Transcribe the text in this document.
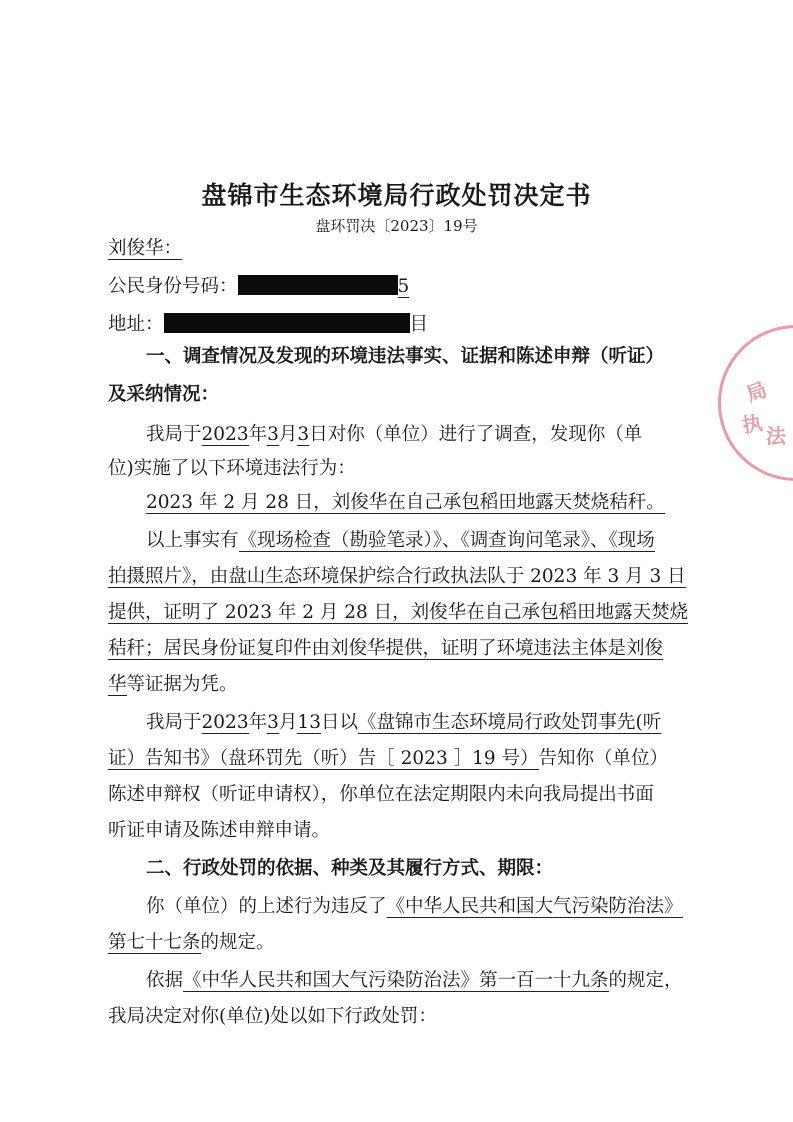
盘锦市生态环境局行政处罚决定书
盘环罚决〔2023〕19号
刘俊华：
公民身份号码：	5
地址：	目
一、调查情况及发现的环境违法事实、证据和陈述申辩（听证）
及采纳情况：
我局于2023年3月3日对你（单位）进行了调查，发现你（单
位)实施了以下环境违法行为：
2023 年 2 月 28 日，刘俊华在自己承包稻田地露天焚烧秸秆。
以上事实有《现场检查（勘验笔录）》、《调查询问笔录》、《现场
拍摄照片》，由盘山生态环境保护综合行政执法队于 2023 年 3 月 3 日
提供，证明了 2023 年 2 月 28 日，刘俊华在自己承包稻田地露天焚烧
秸秆；居民身份证复印件由刘俊华提供，证明了环境违法主体是刘俊
华等证据为凭。
我局于2023年3月13日以《盘锦市生态环境局行政处罚事先(听
证）告知书》（盘环罚先（听）告［ 2023 ］19 号）告知你（单位）
陈述申辩权（听证申请权），你单位在法定期限内未向我局提出书面
听证申请及陈述申辩申请。
二、行政处罚的依据、种类及其履行方式、期限：
你（单位）的上述行为违反了《中华人民共和国大气污染防治法》
第七十七条的规定。
依据《中华人民共和国大气污染防治法》第一百一十九条的规定，
我局决定对你(单位)处以如下行政处罚：
局
执 法
